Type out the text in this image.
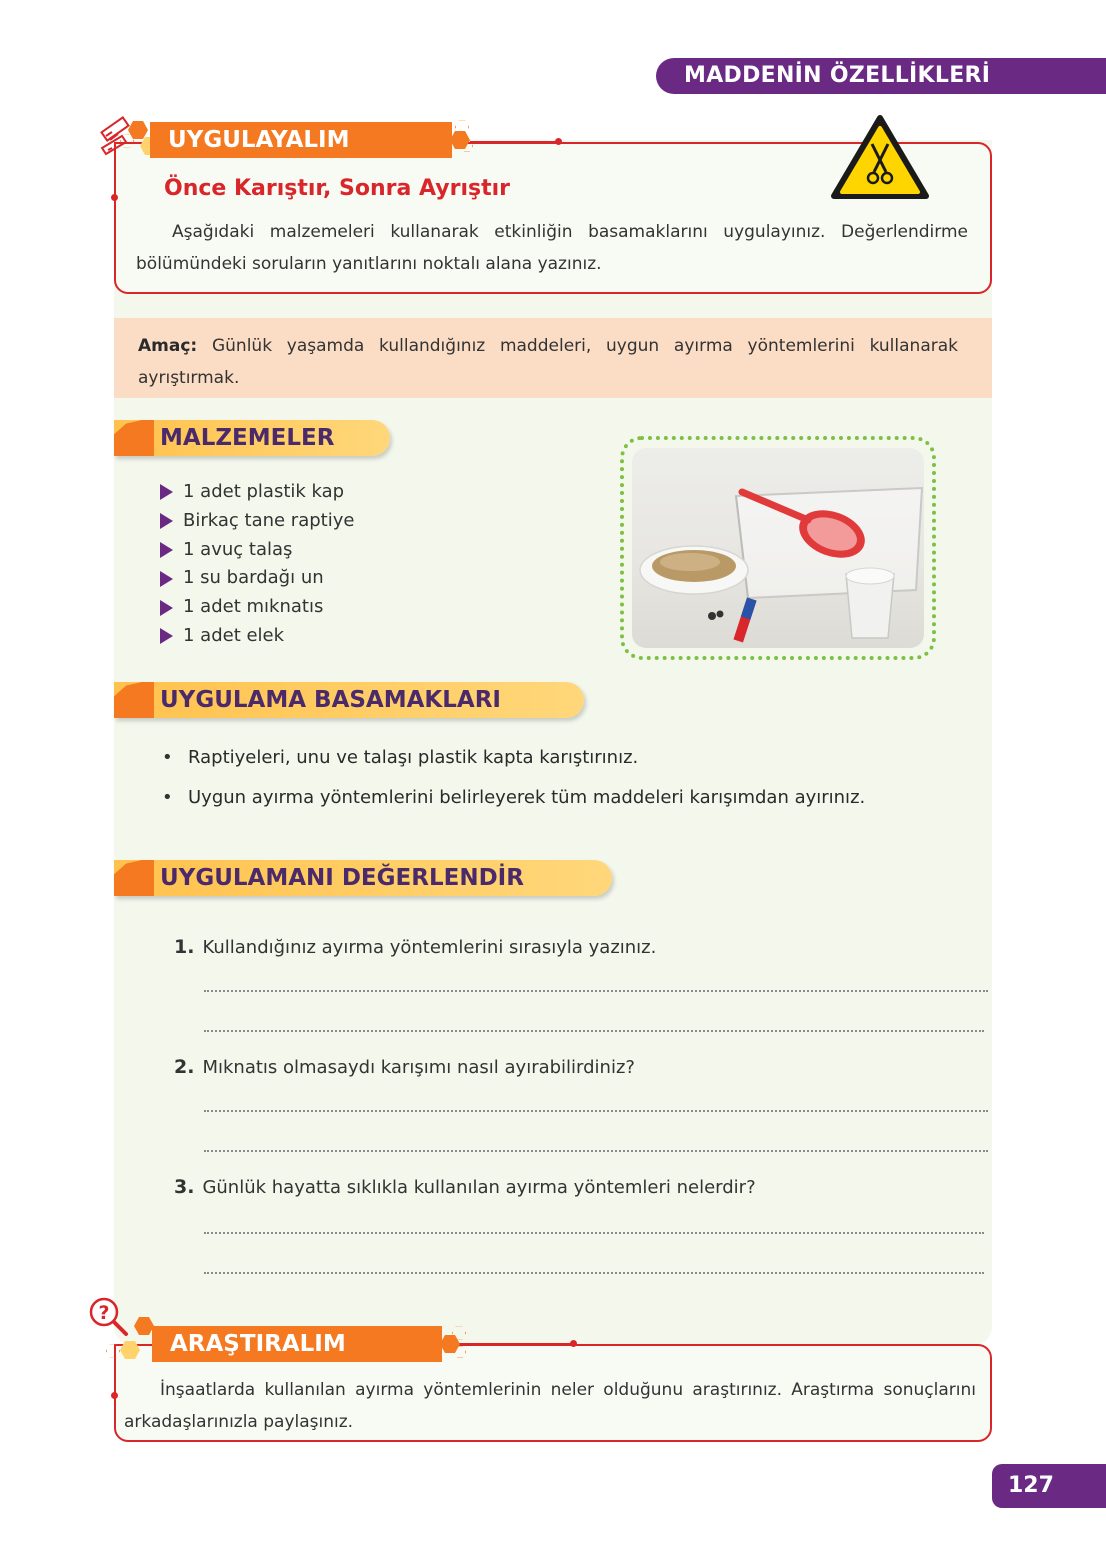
MADDENİN ÖZELLİKLERİ
UYGULAYALIM
Önce Karıştır, Sonra Ayrıştır
Aşağıdaki malzemeleri kullanarak etkinliğin basamaklarını uygulayınız. Değerlendirme bölümündeki soruların yanıtlarını noktalı alana yazınız.
Amaç: Günlük yaşamda kullandığınız maddeleri, uygun ayırma yöntemlerini kullanarak ayrıştırmak.
MALZEMELER
1 adet plastik kap
Birkaç tane raptiye
1 avuç talaş
1 su bardağı un
1 adet mıknatıs
1 adet elek
UYGULAMA BASAMAKLARI
• Raptiyeleri, unu ve talaşı plastik kapta karıştırınız.
• Uygun ayırma yöntemlerini belirleyerek tüm maddeleri karışımdan ayırınız.
UYGULAMANI DEĞERLENDİR
1. Kullandığınız ayırma yöntemlerini sırasıyla yazınız.
2. Mıknatıs olmasaydı karışımı nasıl ayırabilirdiniz?
3. Günlük hayatta sıklıkla kullanılan ayırma yöntemleri nelerdir?
?
ARAŞTIRALIM
İnşaatlarda kullanılan ayırma yöntemlerinin neler olduğunu araştırınız. Araştırma sonuçlarını arkadaşlarınızla paylaşınız.
127
